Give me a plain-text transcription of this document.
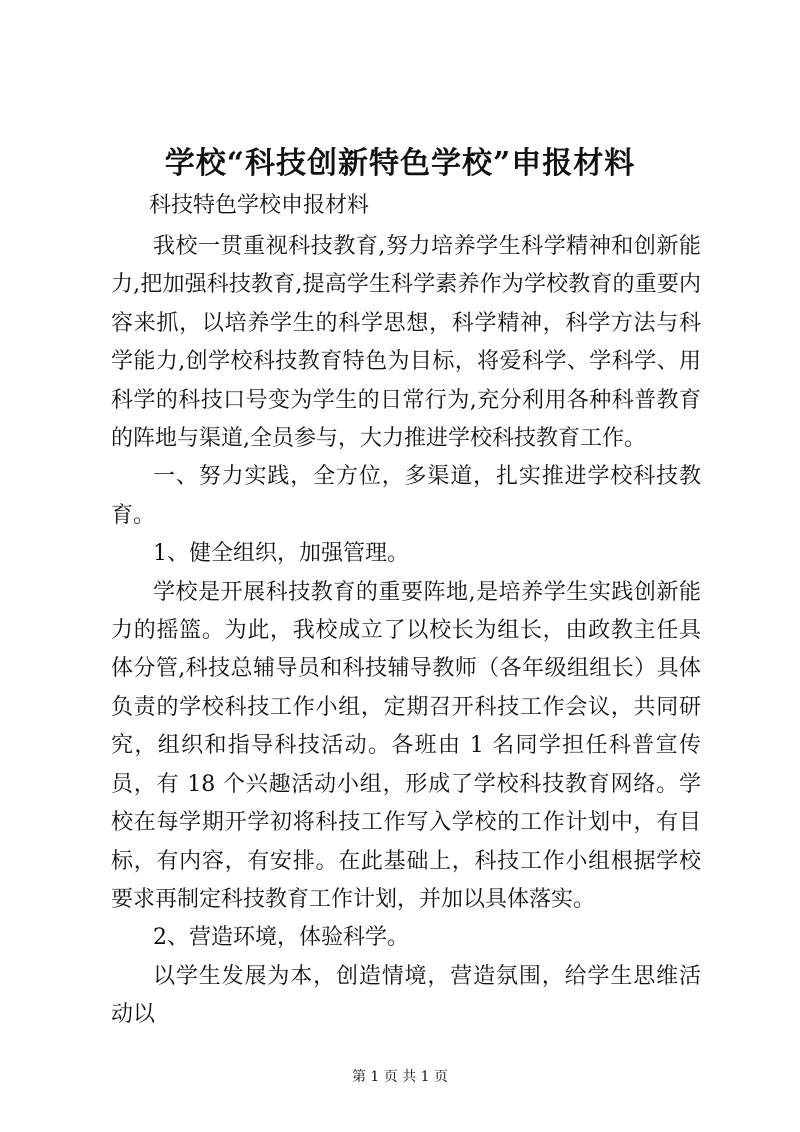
学校“科技创新特色学校”申报材料

科技特色学校申报材料

我校一贯重视科技教育,努力培养学生科学精神和创新能力,把加强科技教育,提高学生科学素养作为学校教育的重要内容来抓，以培养学生的科学思想，科学精神，科学方法与科学能力,创学校科技教育特色为目标，将爱科学、学科学、用科学的科技口号变为学生的日常行为,充分利用各种科普教育的阵地与渠道,全员参与，大力推进学校科技教育工作。

一、努力实践，全方位，多渠道，扎实推进学校科技教育。

1、健全组织，加强管理。

学校是开展科技教育的重要阵地,是培养学生实践创新能力的摇篮。为此，我校成立了以校长为组长，由政教主任具体分管,科技总辅导员和科技辅导教师（各年级组组长）具体负责的学校科技工作小组，定期召开科技工作会议，共同研究，组织和指导科技活动。各班由 1 名同学担任科普宣传员，有 18 个兴趣活动小组，形成了学校科技教育网络。学校在每学期开学初将科技工作写入学校的工作计划中，有目标，有内容，有安排。在此基础上，科技工作小组根据学校要求再制定科技教育工作计划，并加以具体落实。

2、营造环境，体验科学。

以学生发展为本，创造情境，营造氛围，给学生思维活动以

第 1 页 共 1 页
